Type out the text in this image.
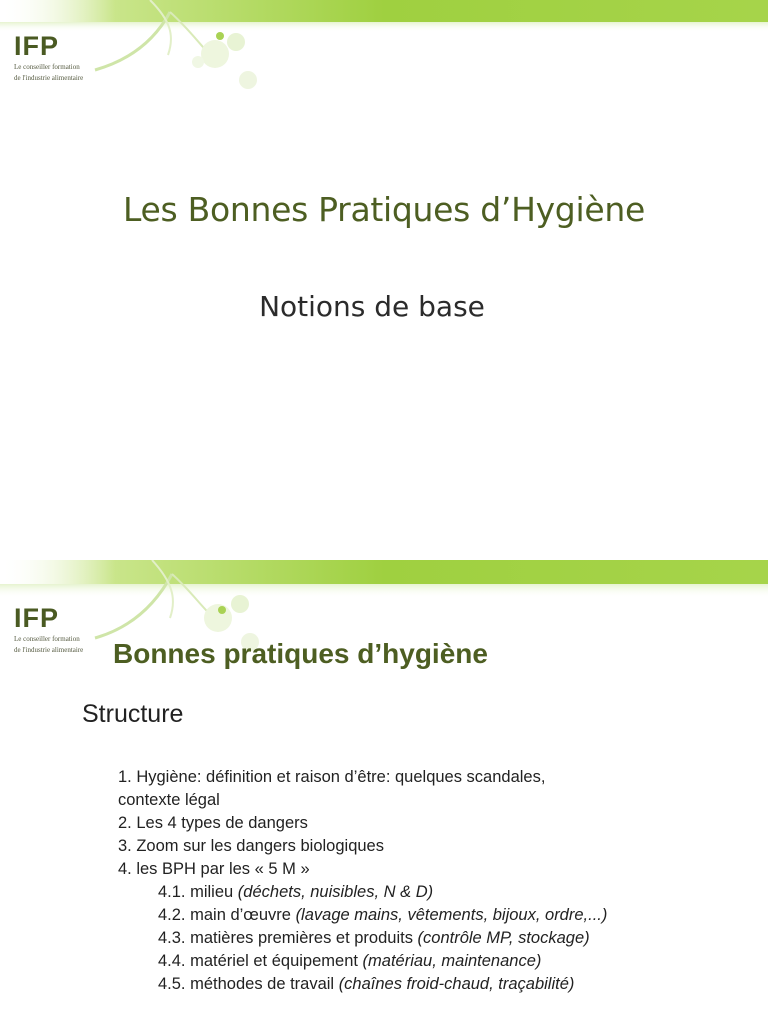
IFP
Le conseiller formation
de l'industrie alimentaire
Les Bonnes Pratiques d’Hygiène
Notions de base
IFP
Le conseiller formation
de l'industrie alimentaire	Bonnes pratiques d’hygiène
Structure
1. Hygiène: définition et raison d’être: quelques scandales,
contexte légal
2. Les 4 types de dangers
3. Zoom sur les dangers biologiques
4. les BPH par les « 5 M »
4.1. milieu (déchets, nuisibles, N & D)
4.2. main d’œuvre (lavage mains, vêtements, bijoux, ordre,...)
4.3. matières premières et produits (contrôle MP, stockage)
4.4. matériel et équipement (matériau, maintenance)
4.5. méthodes de travail (chaînes froid-chaud, traçabilité)
